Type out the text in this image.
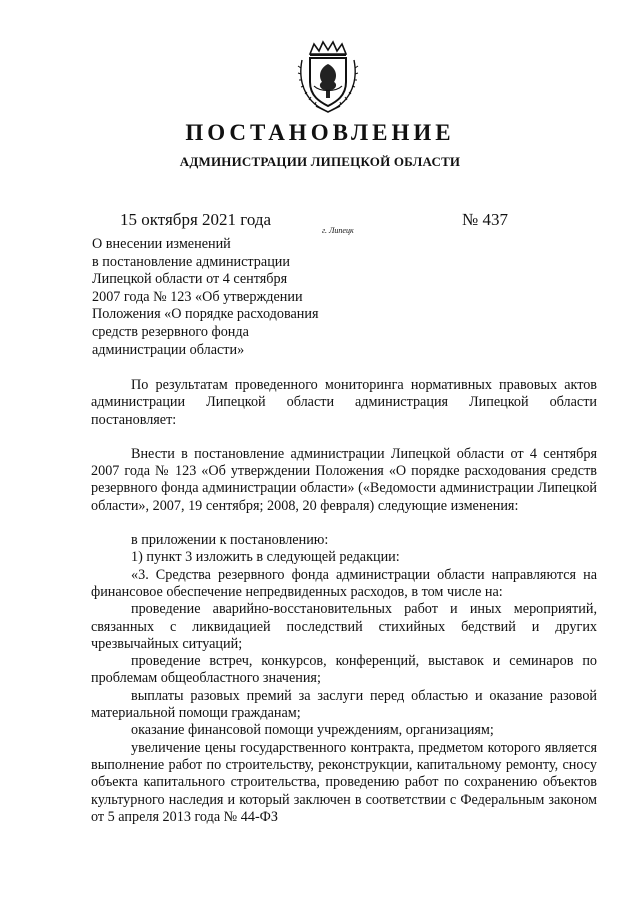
ПОСТАНОВЛЕНИЕ
АДМИНИСТРАЦИИ ЛИПЕЦКОЙ ОБЛАСТИ
15 октября 2021 года
г. Липецк
№ 437
О внесении изменений
в постановление администрации
Липецкой области от 4 сентября
2007 года № 123 «Об утверждении
Положения «О порядке расходования
средств резервного фонда
администрации области»

По результатам проведенного мониторинга нормативных правовых актов администрации Липецкой области администрация Липецкой области постановляет:

Внести в постановление администрации Липецкой области от 4 сентября 2007 года № 123 «Об утверждении Положения «О порядке расходования средств резервного фонда администрации области» («Ведомости администрации Липецкой области», 2007, 19 сентября; 2008, 20 февраля) следующие изменения:

в приложении к постановлению:

1) пункт 3 изложить в следующей редакции:

«3. Средства резервного фонда администрации области направляются на финансовое обеспечение непредвиденных расходов, в том числе на:

проведение аварийно-восстановительных работ и иных мероприятий, связанных с ликвидацией последствий стихийных бедствий и других чрезвычайных ситуаций;

проведение встреч, конкурсов, конференций, выставок и семинаров по проблемам общеобластного значения;

выплаты разовых премий за заслуги перед областью и оказание разовой материальной помощи гражданам;

оказание финансовой помощи учреждениям, организациям;

увеличение цены государственного контракта, предметом которого является выполнение работ по строительству, реконструкции, капитальному ремонту, сносу объекта капитального строительства, проведению работ по сохранению объектов культурного наследия и который заключен в соответствии с Федеральным законом от 5 апреля 2013 года № 44-ФЗ
